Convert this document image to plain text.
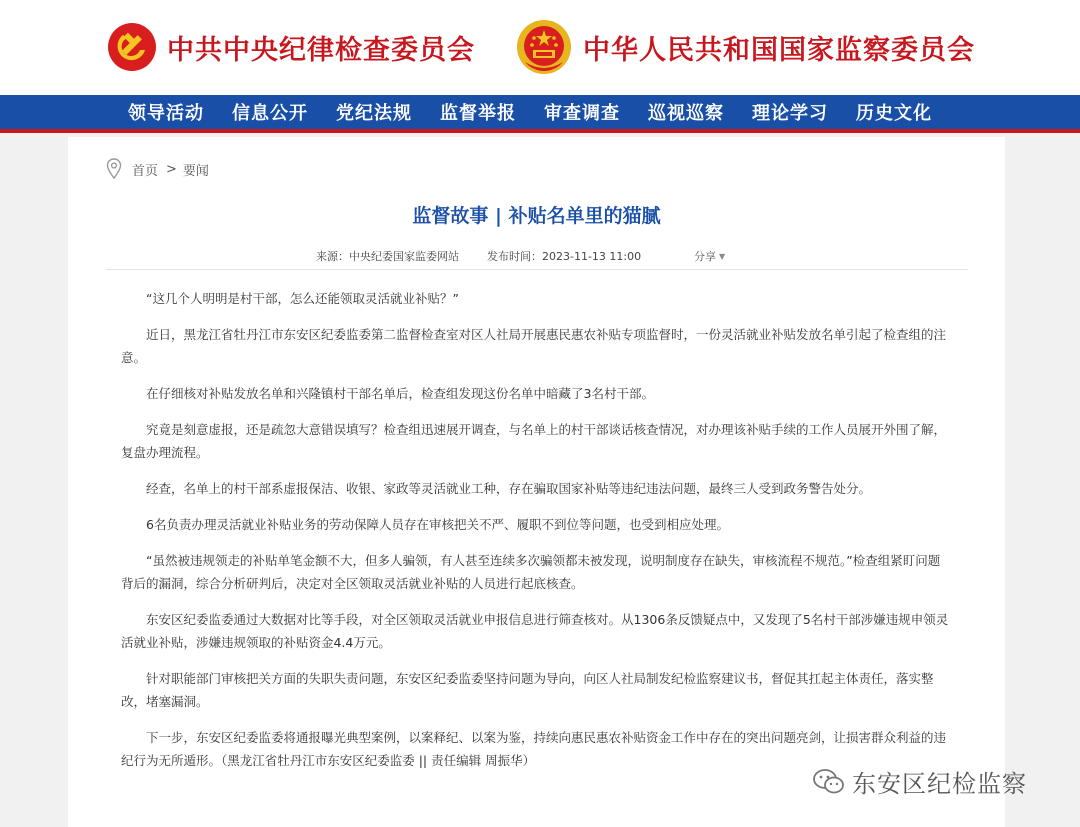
中共中央纪律检查委员会	中华人民共和国国家监察委员会
领导活动 信息公开 党纪法规 监督举报 审查调查 巡视巡察 理论学习 历史文化
首页 > 要闻
监督故事 | 补贴名单里的猫腻
来源： 中央纪委国家监委网站	发布时间： 2023-11-13 11:00	分享 ▼

“这几个人明明是村干部，怎么还能领取灵活就业补贴？”

近日，黑龙江省牡丹江市东安区纪委监委第二监督检查室对区人社局开展惠民惠农补贴专项监督时，一份灵活就业补贴发放名单引起了检查组的注意。

在仔细核对补贴发放名单和兴隆镇村干部名单后，检查组发现这份名单中暗藏了3名村干部。

究竟是刻意虚报，还是疏忽大意错误填写？检查组迅速展开调查，与名单上的村干部谈话核查情况，对办理该补贴手续的工作人员展开外围了解，复盘办理流程。

经查，名单上的村干部系虚报保洁、收银、家政等灵活就业工种，存在骗取国家补贴等违纪违法问题，最终三人受到政务警告处分。

6名负责办理灵活就业补贴业务的劳动保障人员存在审核把关不严、履职不到位等问题，也受到相应处理。

“虽然被违规领走的补贴单笔金额不大，但多人骗领，有人甚至连续多次骗领都未被发现，说明制度存在缺失，审核流程不规范。”检查组紧盯问题背后的漏洞，综合分析研判后，决定对全区领取灵活就业补贴的人员进行起底核查。

东安区纪委监委通过大数据对比等手段，对全区领取灵活就业申报信息进行筛查核对。从1306条反馈疑点中，又发现了5名村干部涉嫌违规申领灵活就业补贴，涉嫌违规领取的补贴资金4.4万元。

针对职能部门审核把关方面的失职失责问题，东安区纪委监委坚持问题为导向，向区人社局制发纪检监察建议书，督促其扛起主体责任，落实整改，堵塞漏洞。

下一步，东安区纪委监委将通报曝光典型案例，以案释纪、以案为鉴，持续向惠民惠农补贴资金工作中存在的突出问题亮剑，让损害群众利益的违纪行为无所遁形。（黑龙江省牡丹江市东安区纪委监委 || 责任编辑 周振华）

东安区纪检监察
